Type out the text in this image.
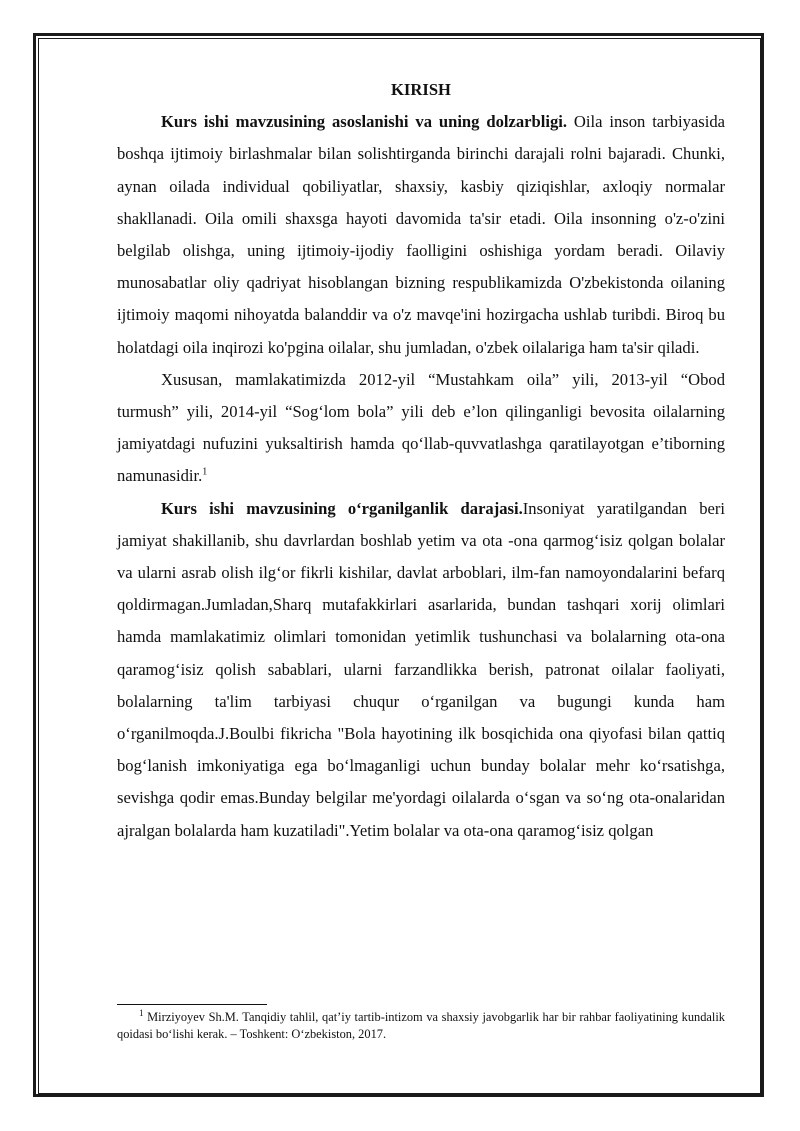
KIRISH

Kurs ishi mavzusining asoslanishi va uning dolzarbligi. Oila inson tarbiyasida boshqa ijtimoiy birlashmalar bilan solishtirganda birinchi darajali rolni bajaradi. Chunki, aynan oilada individual qobiliyatlar, shaxsiy, kasbiy qiziqishlar, axloqiy normalar shakllanadi. Oila omili shaxsga hayoti davomida ta'sir etadi. Oila insonning o'z-o'zini belgilab olishga, uning ijtimoiy-ijodiy faolligini oshishiga yordam beradi. Oilaviy munosabatlar oliy qadriyat hisoblangan bizning respublikamizda O'zbekistonda oilaning ijtimoiy maqomi nihoyatda balanddir va o'z mavqe'ini hozirgacha ushlab turibdi. Biroq bu holatdagi oila inqirozi ko'pgina oilalar, shu jumladan, o'zbek oilalariga ham ta'sir qiladi.

Xususan, mamlakatimizda 2012-yil “Mustahkam oila” yili, 2013-yil “Obod turmush” yili, 2014-yil “Sog‘lom bola” yili deb e’lon qilinganligi bevosita oilalarning jamiyatdagi nufuzini yuksaltirish hamda qo‘llab-quvvatlashga qaratilayotgan e’tiborning namunasidir.$^1$

Kurs ishi mavzusining o‘rganilganlik darajasi.Insoniyat yaratilgandan beri jamiyat shakillanib, shu davrlardan boshlab yetim va ota -ona qarmog‘isiz qolgan bolalar va ularni asrab olish ilg‘or fikrli kishilar, davlat arboblari, ilm-fan namoyondalarini befarq qoldirmagan.Jumladan,Sharq mutafakkirlari asarlarida, bundan tashqari xorij olimlari hamda mamlakatimiz olimlari tomonidan yetimlik tushunchasi va bolalarning ota-ona qaramog‘isiz qolish sabablari, ularni farzandlikka berish, patronat oilalar faoliyati, bolalarning ta'lim tarbiyasi chuqur o‘rganilgan va bugungi kunda ham o‘rganilmoqda.J.Boulbi fikricha "Bola hayotining ilk bosqichida ona qiyofasi bilan qattiq bog‘lanish imkoniyatiga ega bo‘lmaganligi uchun bunday bolalar mehr ko‘rsatishga, sevishga qodir emas.Bunday belgilar me'yordagi oilalarda o‘sgan va so‘ng ota-onalaridan ajralgan bolalarda ham kuzatiladi".Yetim bolalar va ota-ona qaramog‘isiz qolgan

$^1$ Mirziyoyev Sh.M. Tanqidiy tahlil, qat’iy tartib-intizom va shaxsiy javobgarlik har bir rahbar faoliyatining kundalik qoidasi bo‘lishi kerak. – Toshkent: O‘zbekiston, 2017.
